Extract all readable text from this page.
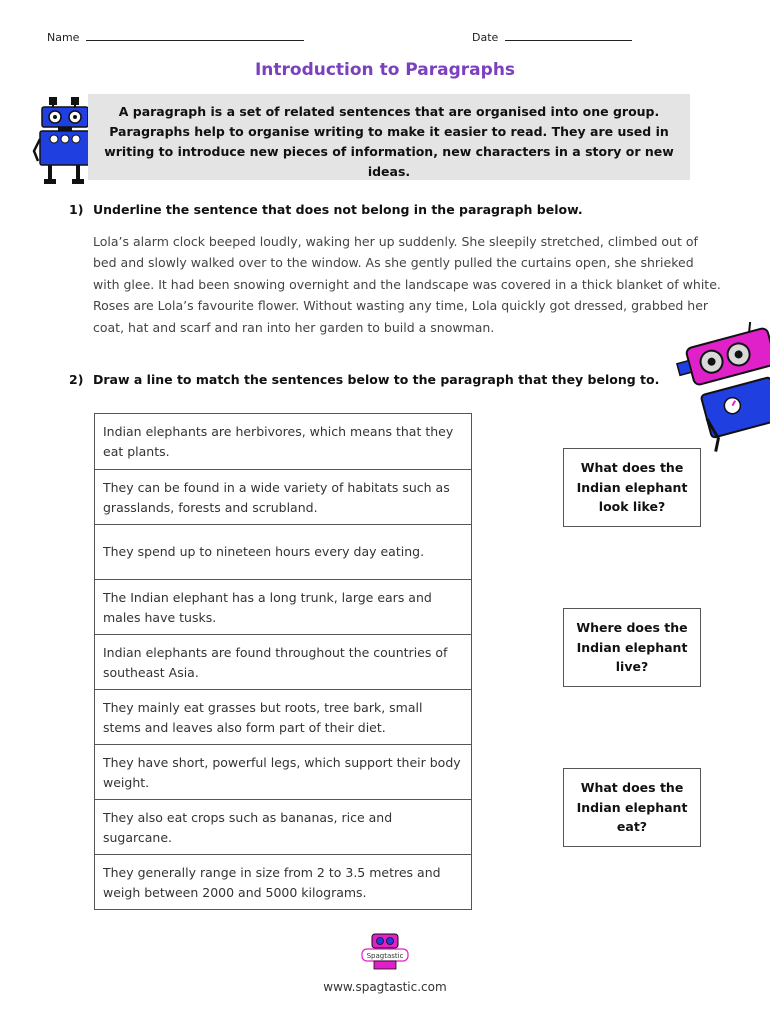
Name	Date
Introduction to Paragraphs
A paragraph is a set of related sentences that are organised into one group. Paragraphs help to organise writing to make it easier to read. They are used in writing to introduce new pieces of information, new characters in a story or new ideas.
1) Underline the sentence that does not belong in the paragraph below.
Lola’s alarm clock beeped loudly, waking her up suddenly. She sleepily stretched, climbed out of bed and slowly walked over to the window. As she gently pulled the curtains open, she shrieked with glee. It had been snowing overnight and the landscape was covered in a thick blanket of white. Roses are Lola’s favourite flower. Without wasting any time, Lola quickly got dressed, grabbed her coat, hat and scarf and ran into her garden to build a snowman.
2) Draw a line to match the sentences below to the paragraph that they belong to.
Indian elephants are herbivores, which means that they eat plants.
They can be found in a wide variety of habitats such as grasslands, forests and scrubland.
They spend up to nineteen hours every day eating.
The Indian elephant has a long trunk, large ears and males have tusks.
Indian elephants are found throughout the countries of southeast Asia.
They mainly eat grasses but roots, tree bark, small stems and leaves also form part of their diet.
They have short, powerful legs, which support their body weight.
They also eat crops such as bananas, rice and sugarcane.
They generally range in size from 2 to 3.5 metres and weigh between 2000 and 5000 kilograms.
What does the Indian elephant look like?
Where does the Indian elephant live?
What does the Indian elephant eat?
Spagtastic
www.spagtastic.com
